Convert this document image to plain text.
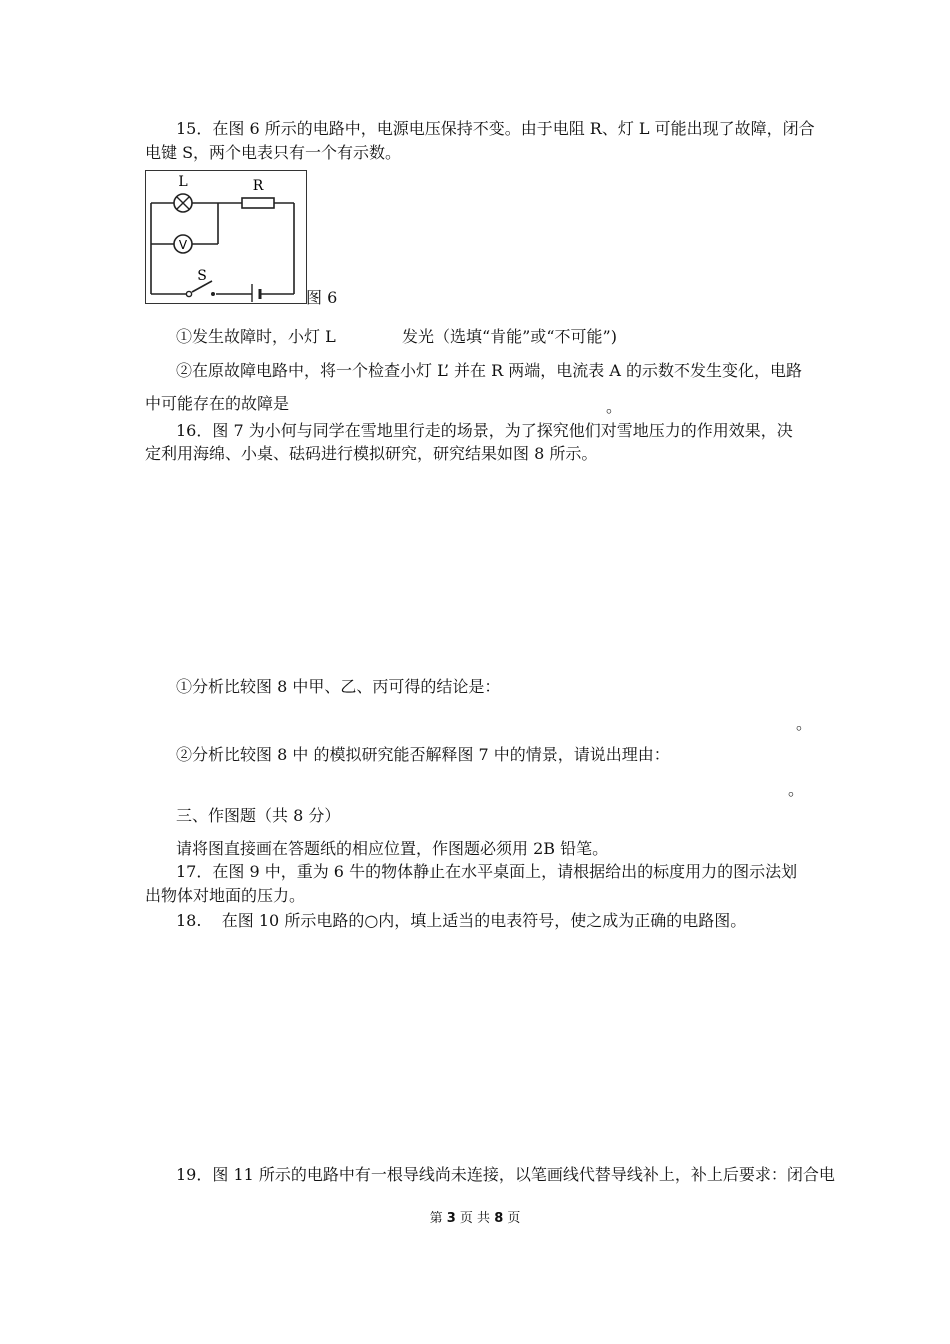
15．在图 6 所示的电路中，电源电压保持不变。由于电阻 R、灯 L 可能出现了故障，闭合
电键 S，两个电表只有一个有示数。
L	R
V
S
图 6
①发生故障时，小灯 L	发光（选填“肯能”或“不可能”)
②在原故障电路中，将一个检查小灯 L’ 并在 R 两端，电流表 A 的示数不发生变化，电路
中可能存在的故障是	。
16．图 7 为小何与同学在雪地里行走的场景，为了探究他们对雪地压力的作用效果，决
定利用海绵、小桌、砝码进行模拟研究，研究结果如图 8 所示。
①分析比较图 8 中甲、乙、丙可得的结论是：
。
②分析比较图 8 中 的模拟研究能否解释图 7 中的情景，请说出理由：
。
三、作图题（共 8 分）
请将图直接画在答题纸的相应位置，作图题必须用 2B 铅笔。
17．在图 9 中，重为 6 牛的物体静止在水平桌面上，请根据给出的标度用力的图示法划
出物体对地面的压力。
18.    在图 10 所示电路的○内，填上适当的电表符号，使之成为正确的电路图。
19．图 11 所示的电路中有一根导线尚未连接，以笔画线代替导线补上，补上后要求：闭合电
第 3 页 共 8 页
